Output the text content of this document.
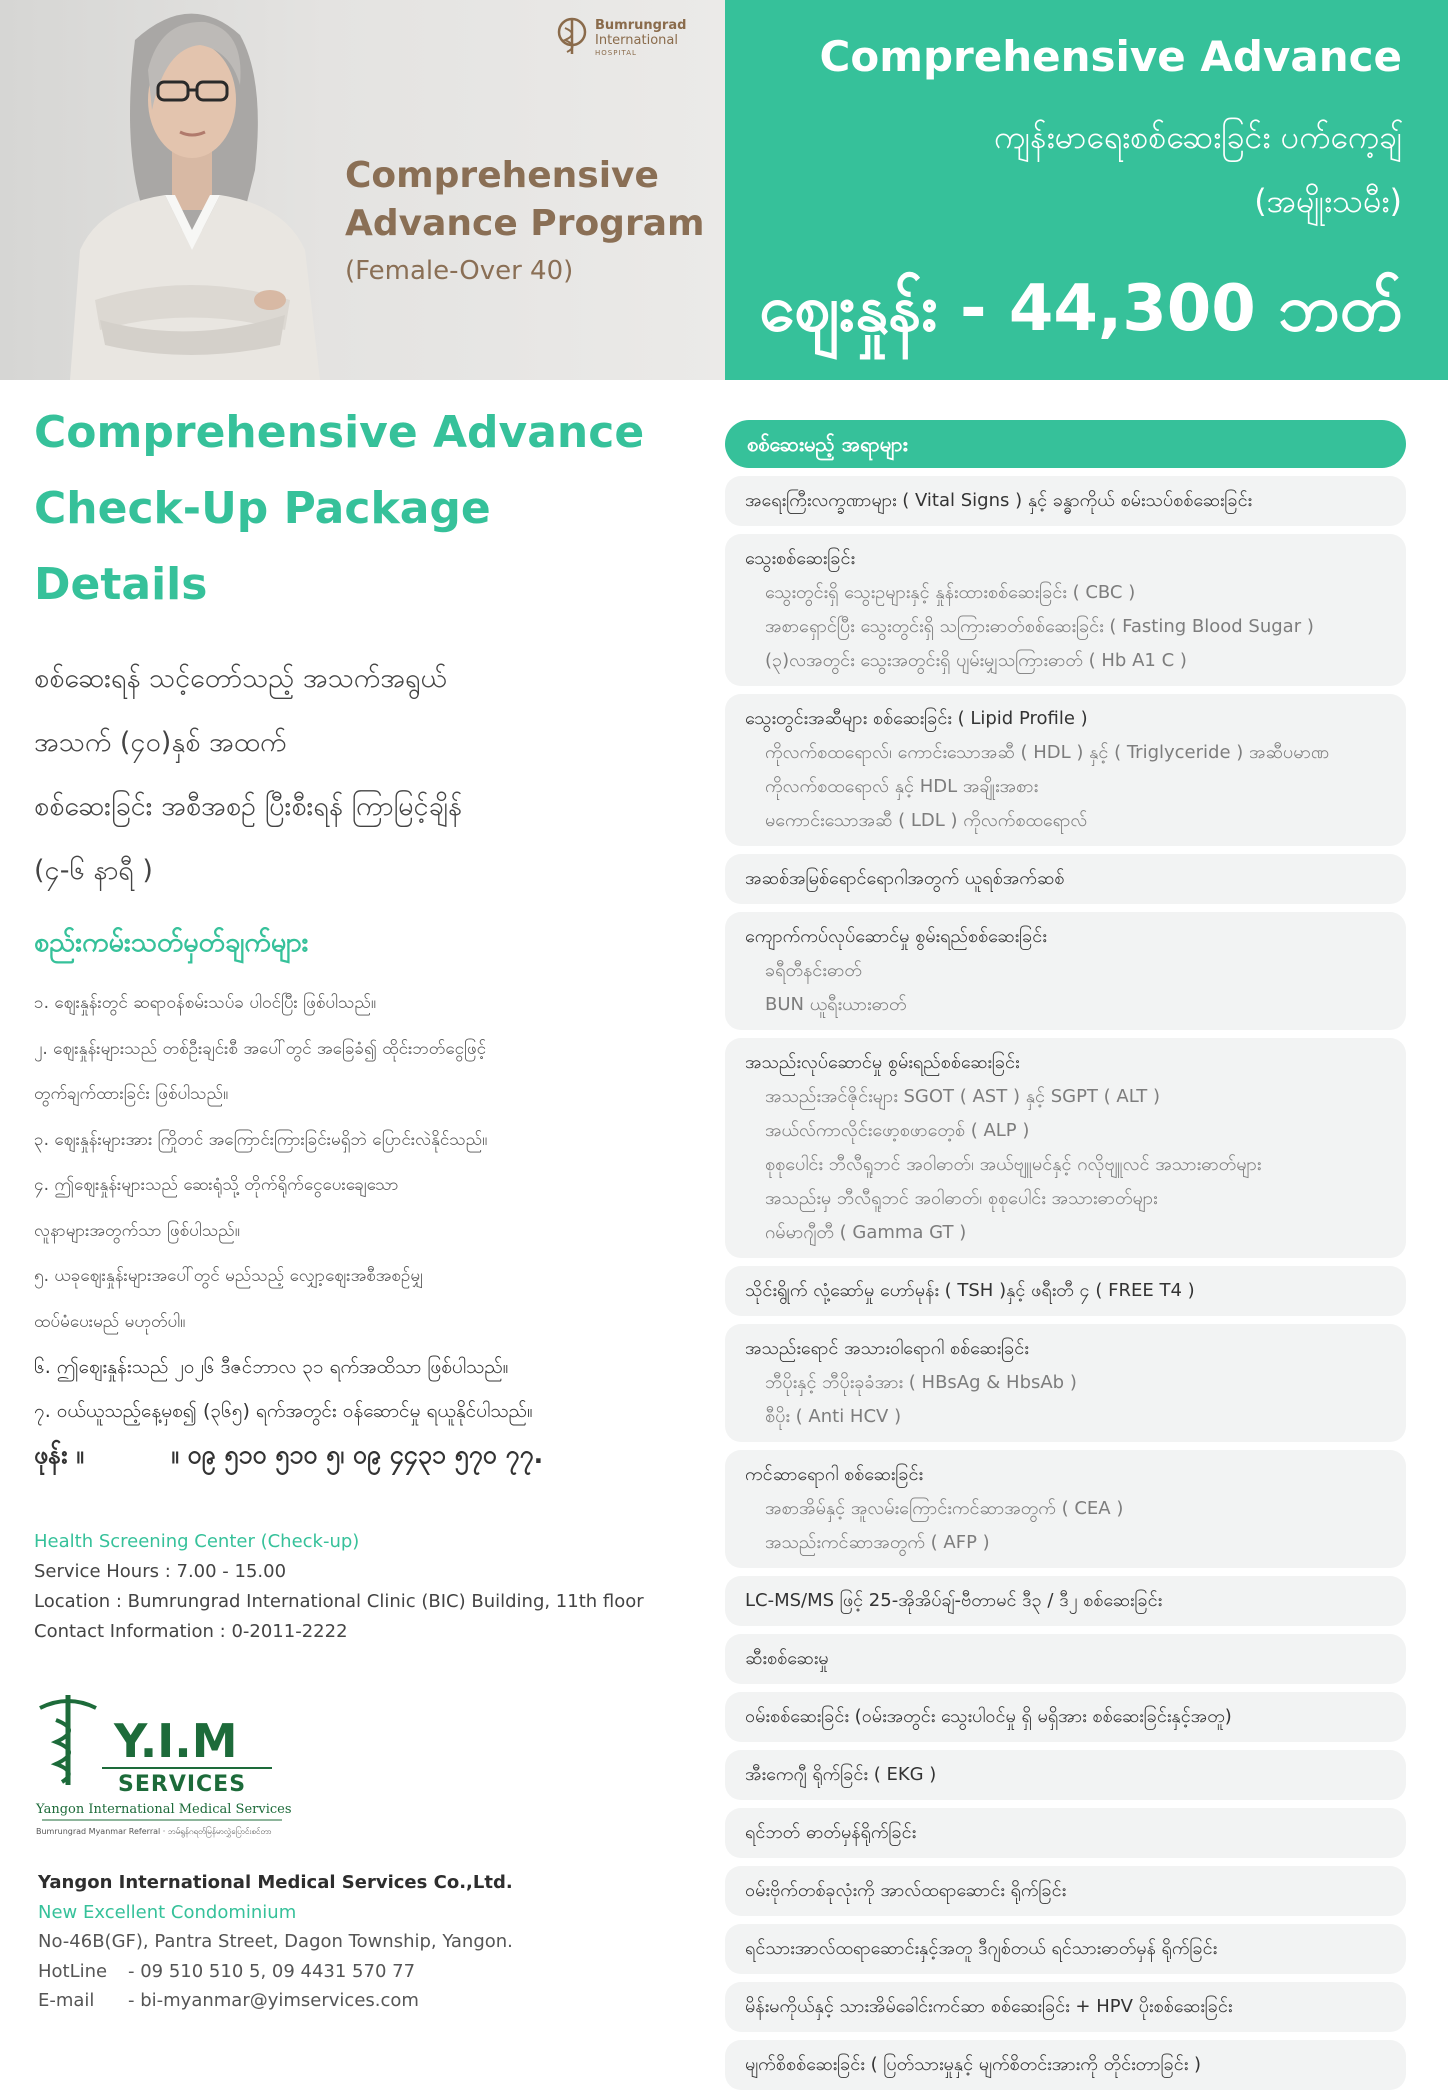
Bumrungrad
International
HOSPITAL
Comprehensive
Advance Program
(Female-Over 40)
Comprehensive Advance
ကျန်းမာရေးစစ်ဆေးခြင်း ပက်ကေ့ချ်
(အမျိုးသမီး)
ဈေးနှုန်း - 44,300 ဘတ်
Comprehensive Advance
Check-Up Package
Details
စစ်ဆေးရန် သင့်တော်သည့် အသက်အရွယ်
အသက် (၄၀)နှစ် အထက်
စစ်ဆေးခြင်း အစီအစဉ် ပြီးစီးရန် ကြာမြင့်ချိန်
(၄-၆ နာရီ )
စည်းကမ်းသတ်မှတ်ချက်များ
၁. ဈေးနှုန်းတွင် ဆရာဝန်စမ်းသပ်ခ ပါဝင်ပြီး ဖြစ်ပါသည်။
၂. ဈေးနှုန်းများသည် တစ်ဦးချင်းစီ အပေါ်တွင် အခြေခံ၍ ထိုင်းဘတ်ငွေဖြင့်
တွက်ချက်ထားခြင်း ဖြစ်ပါသည်။
၃. ဈေးနှုန်းများအား ကြိုတင် အကြောင်းကြားခြင်းမရှိဘဲ ပြောင်းလဲနိုင်သည်။
၄. ဤဈေးနှုန်းများသည် ဆေးရုံသို့ တိုက်ရိုက်ငွေပေးချေသော
လူနာများအတွက်သာ ဖြစ်ပါသည်။
၅. ယခုဈေးနှုန်းများအပေါ်တွင် မည်သည့် လျှော့ဈေးအစီအစဉ်မျှ
ထပ်မံပေးမည် မဟုတ်ပါ။
၆. ဤဈေးနှုန်းသည် ၂၀၂၆ ဒီဇင်ဘာလ ၃၁ ရက်အထိသာ ဖြစ်ပါသည်။
၇. ဝယ်ယူသည့်နေ့မှစ၍ (၃၆၅) ရက်အတွင်း ဝန်ဆောင်မှု ရယူနိုင်ပါသည်။
ဖုန်း ။	။ ၀၉ ၅၁၀ ၅၁၀ ၅၊ ၀၉ ၄၄၃၁ ၅၇၀ ၇၇.
Health Screening Center (Check-up)
Service Hours : 7.00 - 15.00
Location : Bumrungrad International Clinic (BIC) Building, 11th floor
Contact Information : 0-2011-2222
Y.I.M
SERVICES
Yangon International Medical Services
Bumrungrad Myanmar Referral · ဘမ်ရွန်ဂရတ်မြန်မာလွှဲပြောင်းစင်တာ
Yangon International Medical Services Co.,Ltd.
New Excellent Condominium
No-46B(GF), Pantra Street, Dagon Township, Yangon.
HotLine - 09 510 510 5, 09 4431 570 77
E-mail - bi-myanmar@yimservices.com
စစ်ဆေးမည့် အရာများ
အရေးကြီးလက္ခဏာများ ( Vital Signs ) နှင့် ခန္ဓာကိုယ် စမ်းသပ်စစ်ဆေးခြင်း
သွေးစစ်ဆေးခြင်း
သွေးတွင်းရှိ သွေးဥများနှင့် နှုန်းထားစစ်ဆေးခြင်း ( CBC )
အစာရှောင်ပြီး သွေးတွင်းရှိ သကြားဓာတ်စစ်ဆေးခြင်း ( Fasting Blood Sugar )
(၃)လအတွင်း သွေးအတွင်းရှိ ပျမ်းမျှသကြားဓာတ် ( Hb A1 C )
သွေးတွင်းအဆီများ စစ်ဆေးခြင်း ( Lipid Profile )
ကိုလက်စထရောလ်၊ ကောင်းသောအဆီ ( HDL ) နှင့် ( Triglyceride ) အဆီပမာဏ
ကိုလက်စထရောလ် နှင့် HDL အချိုးအစား
မကောင်းသောအဆီ ( LDL ) ကိုလက်စထရောလ်
အဆစ်အမြစ်ရောင်ရောဂါအတွက် ယူရစ်အက်ဆစ်
ကျောက်ကပ်လုပ်ဆောင်မှု စွမ်းရည်စစ်ဆေးခြင်း
ခရီတီနင်းဓာတ်
BUN ယူရီးယားဓာတ်
အသည်းလုပ်ဆောင်မှု စွမ်းရည်စစ်ဆေးခြင်း
အသည်းအင်ဇိုင်းများ SGOT ( AST ) နှင့် SGPT ( ALT )
အယ်လ်ကာလိုင်းဖော့စဖာတေ့စ် ( ALP )
စုစုပေါင်း ဘီလီရူဘင် အဝါဓာတ်၊ အယ်ဗျူမင်နှင့် ဂလိုဗျူလင် အသားဓာတ်များ
အသည်းမှ ဘီလီရူဘင် အဝါဓာတ်၊ စုစုပေါင်း အသားဓာတ်များ
ဂမ်မာဂျီတီ ( Gamma GT )
သိုင်းရွိုက် လုံ့ဆော်မှု ဟော်မုန်း ( TSH )နှင့် ဖရီးတီ ၄ ( FREE T4 )
အသည်းရောင် အသားဝါရောဂါ စစ်ဆေးခြင်း
ဘီပိုးနှင့် ဘီပိုးခုခံအား ( HBsAg & HbsAb )
စီပိုး ( Anti HCV )
ကင်ဆာရောဂါ စစ်ဆေးခြင်း
အစာအိမ်နှင့် အူလမ်းကြောင်းကင်ဆာအတွက် ( CEA )
အသည်းကင်ဆာအတွက် ( AFP )
LC-MS/MS ဖြင့် 25-အိုအိပ်ချ်-ဗီတာမင် ဒီ၃ / ဒီ၂ စစ်ဆေးခြင်း
ဆီးစစ်ဆေးမှု
ဝမ်းစစ်ဆေးခြင်း (ဝမ်းအတွင်း သွေးပါဝင်မှု ရှိ မရှိအား စစ်ဆေးခြင်းနှင့်အတူ)
အီးကေဂျီ ရိုက်ခြင်း ( EKG )
ရင်ဘတ် ဓာတ်မှန်ရိုက်ခြင်း
ဝမ်းဗိုက်တစ်ခုလုံးကို အာလ်ထရာဆောင်း ရိုက်ခြင်း
ရင်သားအာလ်ထရာဆောင်းနှင့်အတူ ဒီဂျစ်တယ် ရင်သားဓာတ်မှန် ရိုက်ခြင်း
မိန်းမကိုယ်နှင့် သားအိမ်ခေါင်းကင်ဆာ စစ်ဆေးခြင်း + HPV ပိုးစစ်ဆေးခြင်း
မျက်စိစစ်ဆေးခြင်း ( ပြတ်သားမှုနှင့် မျက်စိတင်းအားကို တိုင်းတာခြင်း )
